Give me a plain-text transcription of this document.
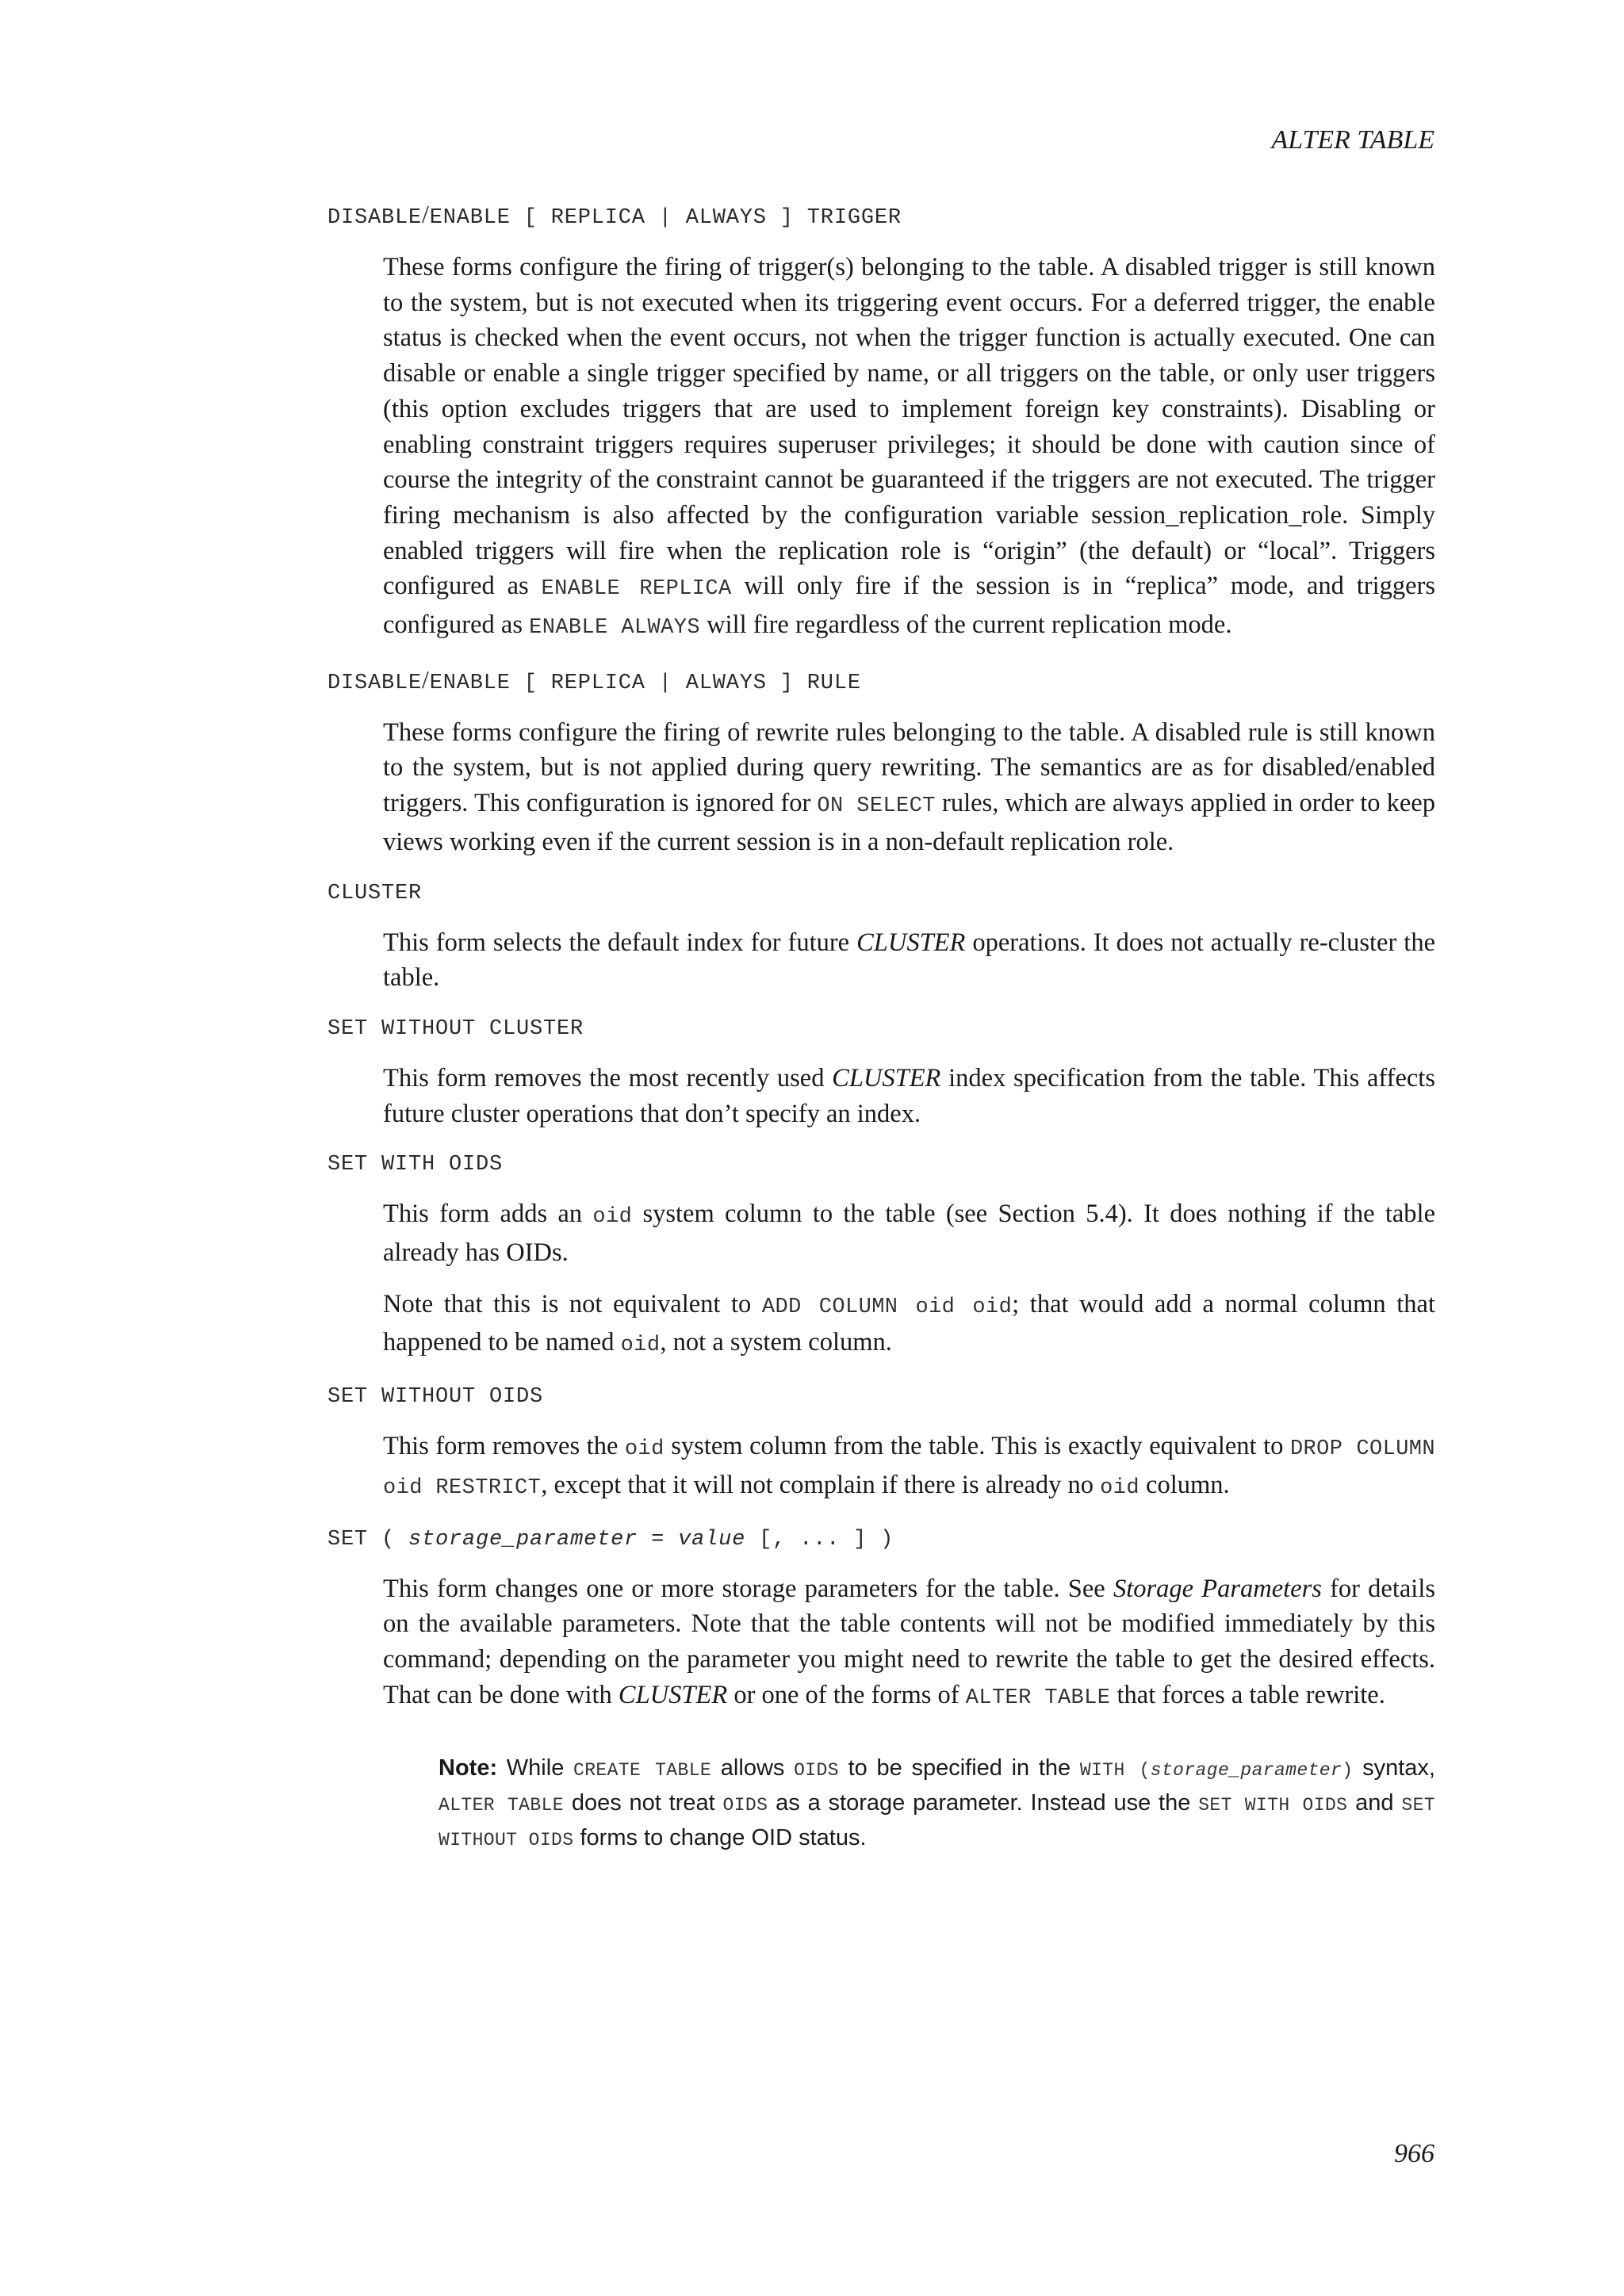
ALTER TABLE
DISABLE/ENABLE [ REPLICA | ALWAYS ] TRIGGER
These forms configure the firing of trigger(s) belonging to the table. A disabled trigger is still known to the system, but is not executed when its triggering event occurs. For a deferred trigger, the enable status is checked when the event occurs, not when the trigger function is actually executed. One can disable or enable a single trigger specified by name, or all triggers on the table, or only user triggers (this option excludes triggers that are used to implement foreign key constraints). Disabling or enabling constraint triggers requires superuser privileges; it should be done with caution since of course the integrity of the constraint cannot be guaranteed if the triggers are not executed. The trigger firing mechanism is also affected by the configuration variable session_replication_role. Simply enabled triggers will fire when the replication role is “origin” (the default) or “local”. Triggers configured as ENABLE REPLICA will only fire if the session is in “replica” mode, and triggers configured as ENABLE ALWAYS will fire regardless of the current replication mode.
DISABLE/ENABLE [ REPLICA | ALWAYS ] RULE
These forms configure the firing of rewrite rules belonging to the table. A disabled rule is still known to the system, but is not applied during query rewriting. The semantics are as for disabled/enabled triggers. This configuration is ignored for ON SELECT rules, which are always applied in order to keep views working even if the current session is in a non-default replication role.
CLUSTER
This form selects the default index for future CLUSTER operations. It does not actually re-cluster the table.
SET WITHOUT CLUSTER
This form removes the most recently used CLUSTER index specification from the table. This affects future cluster operations that don’t specify an index.
SET WITH OIDS
This form adds an oid system column to the table (see Section 5.4). It does nothing if the table already has OIDs.
Note that this is not equivalent to ADD COLUMN oid oid; that would add a normal column that happened to be named oid, not a system column.
SET WITHOUT OIDS
This form removes the oid system column from the table. This is exactly equivalent to DROP COLUMN oid RESTRICT, except that it will not complain if there is already no oid column.
SET ( storage_parameter = value [, ... ] )
This form changes one or more storage parameters for the table. See Storage Parameters for details on the available parameters. Note that the table contents will not be modified immediately by this command; depending on the parameter you might need to rewrite the table to get the desired effects. That can be done with CLUSTER or one of the forms of ALTER TABLE that forces a table rewrite.
Note: While CREATE TABLE allows OIDS to be specified in the WITH (storage_parameter) syntax, ALTER TABLE does not treat OIDS as a storage parameter. Instead use the SET WITH OIDS and SET WITHOUT OIDS forms to change OID status.
966
